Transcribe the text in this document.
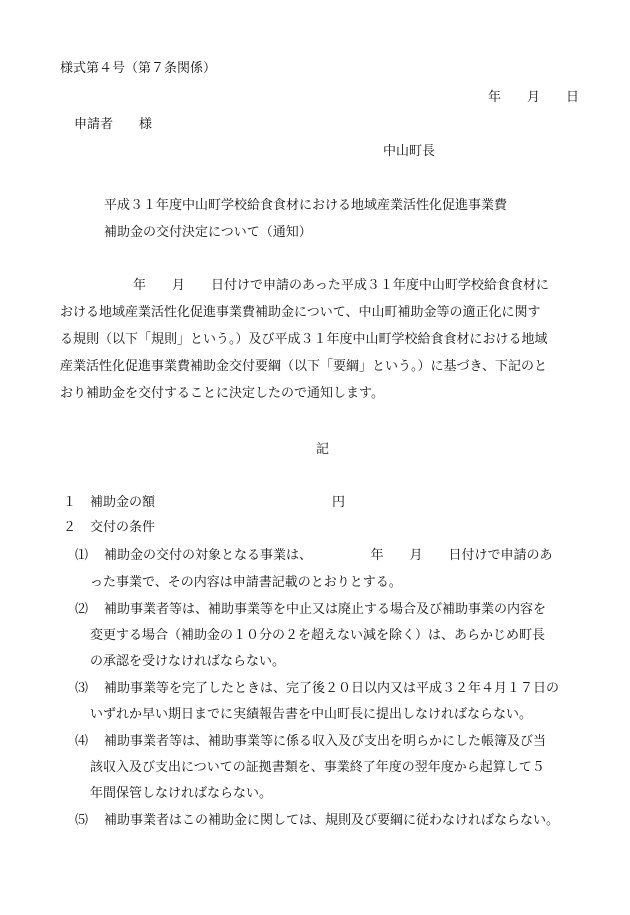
様式第４号（第７条関係）
年　　月　　日
申請者　　様
中山町長
平成３１年度中山町学校給食食材における地域産業活性化促進事業費
補助金の交付決定について（通知）
年　　月　　日付けで申請のあった平成３１年度中山町学校給食食材に
おける地域産業活性化促進事業費補助金について、中山町補助金等の適正化に関す
る規則（以下「規則」という。）及び平成３１年度中山町学校給食食材における地域
産業活性化促進事業費補助金交付要綱（以下「要綱」という。）に基づき、下記のと
おり補助金を交付することに決定したので通知します。
記
１ 補助金の額	円
２ 交付の条件
⑴ 補助金の交付の対象となる事業は、　　　　　年　　月　　日付けで申請のあ
った事業で、その内容は申請書記載のとおりとする。
⑵ 補助事業者等は、補助事業等を中止又は廃止する場合及び補助事業の内容を
変更する場合（補助金の１０分の２を超えない減を除く）は、あらかじめ町長
の承認を受けなければならない。
⑶ 補助事業等を完了したときは、完了後２０日以内又は平成３２年４月１７日の
いずれか早い期日までに実績報告書を中山町長に提出しなければならない。
⑷ 補助事業者等は、補助事業等に係る収入及び支出を明らかにした帳簿及び当
該収入及び支出についての証拠書類を、事業終了年度の翌年度から起算して５
年間保管しなければならない。
⑸ 補助事業者はこの補助金に関しては、規則及び要綱に従わなければならない。
